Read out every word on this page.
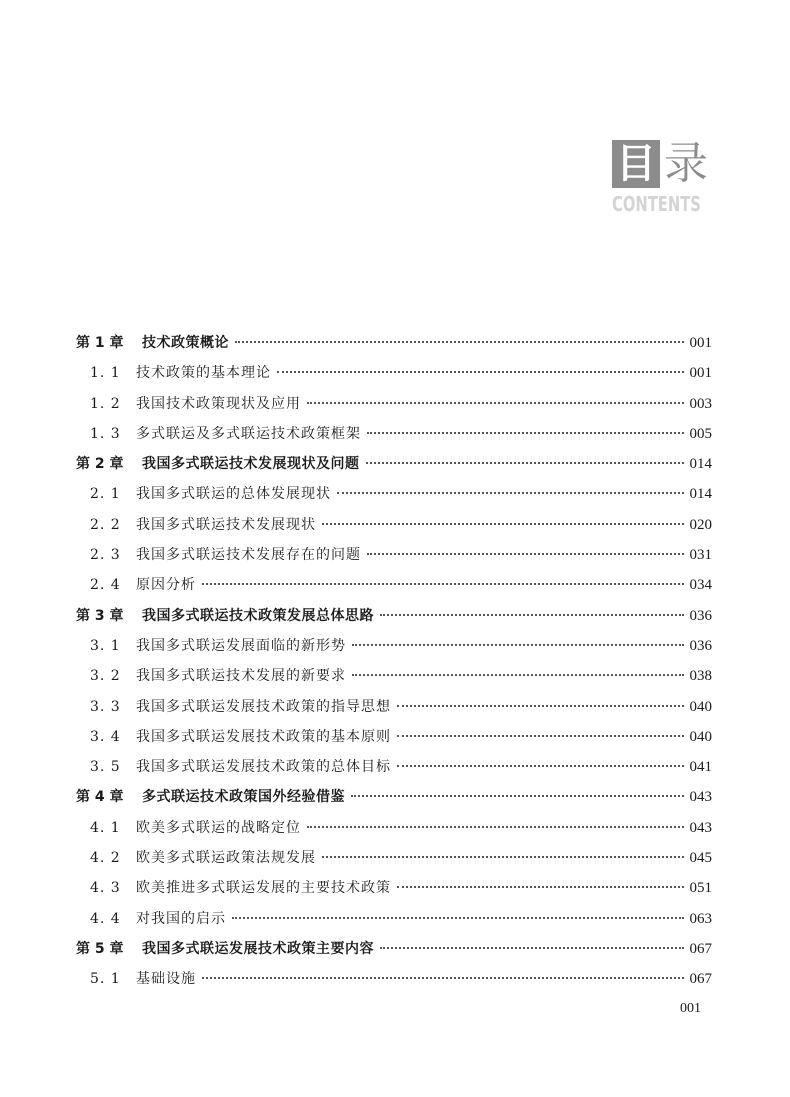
目 录
CONTENTS
第 1 章	技术政策概论	001
1. 1	技术政策的基本理论	001
1. 2	我国技术政策现状及应用	003
1. 3	多式联运及多式联运技术政策框架	005
第 2 章	我国多式联运技术发展现状及问题	014
2. 1	我国多式联运的总体发展现状	014
2. 2	我国多式联运技术发展现状	020
2. 3	我国多式联运技术发展存在的问题	031
2. 4	原因分析	034
第 3 章	我国多式联运技术政策发展总体思路	036
3. 1	我国多式联运发展面临的新形势	036
3. 2	我国多式联运技术发展的新要求	038
3. 3	我国多式联运发展技术政策的指导思想	040
3. 4	我国多式联运发展技术政策的基本原则	040
3. 5	我国多式联运发展技术政策的总体目标	041
第 4 章	多式联运技术政策国外经验借鉴	043
4. 1	欧美多式联运的战略定位	043
4. 2	欧美多式联运政策法规发展	045
4. 3	欧美推进多式联运发展的主要技术政策	051
4. 4	对我国的启示	063
第 5 章	我国多式联运发展技术政策主要内容	067
5. 1	基础设施	067
001
